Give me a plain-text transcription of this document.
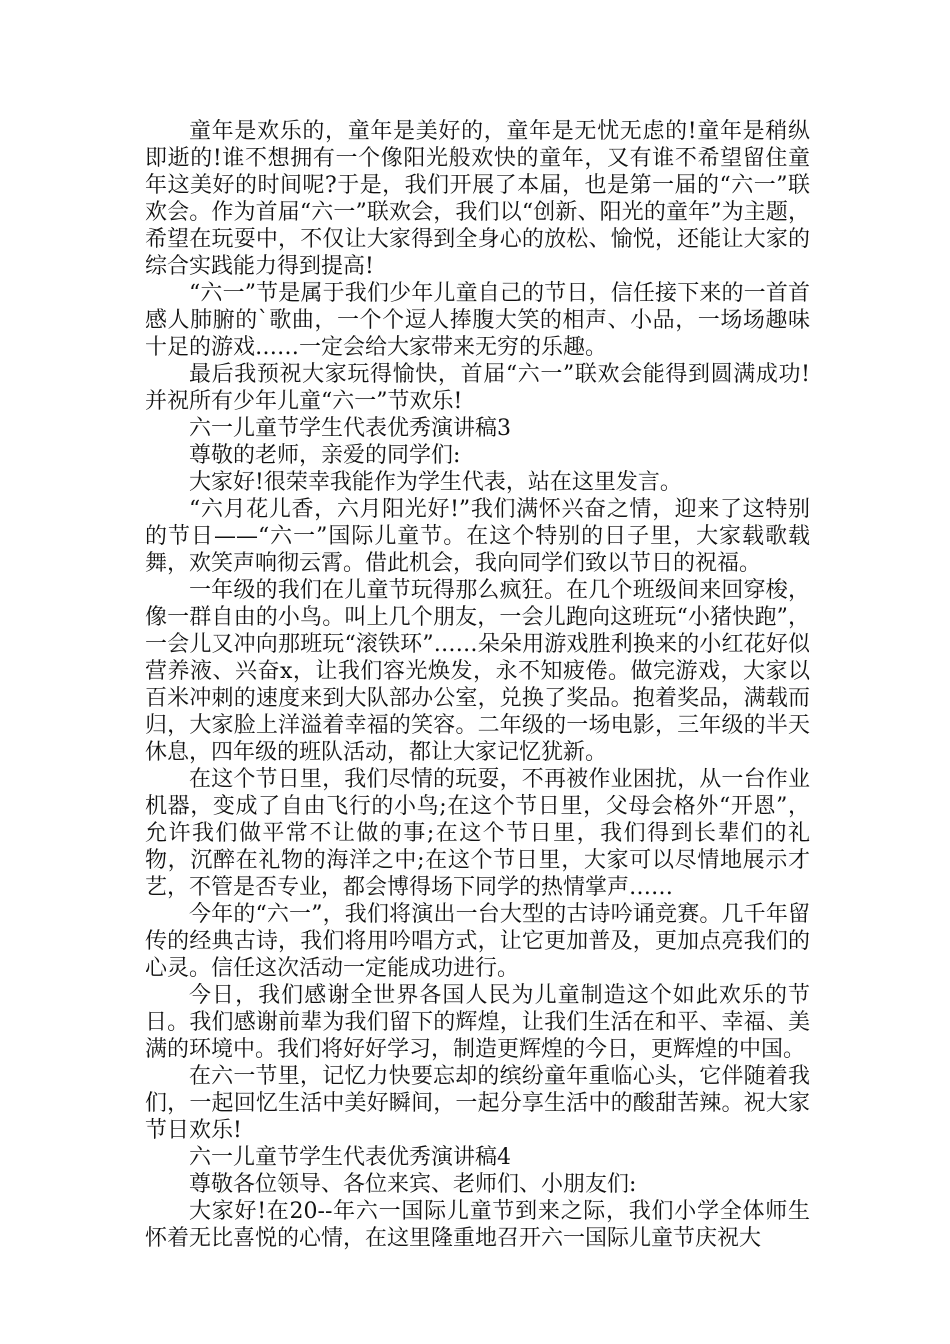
童年是欢乐的，童年是美好的，童年是无忧无虑的!童年是稍纵即逝的!谁不想拥有一个像阳光般欢快的童年，又有谁不希望留住童年这美好的时间呢?于是，我们开展了本届，也是第一届的“六一”联欢会。作为首届“六一”联欢会，我们以“创新、阳光的童年”为主题，希望在玩耍中，不仅让大家得到全身心的放松、愉悦，还能让大家的综合实践能力得到提高!

“六一”节是属于我们少年儿童自己的节日，信任接下来的一首首感人肺腑的`歌曲，一个个逗人捧腹大笑的相声、小品，一场场趣味十足的游戏……一定会给大家带来无穷的乐趣。

最后我预祝大家玩得愉快，首届“六一”联欢会能得到圆满成功!并祝所有少年儿童“六一”节欢乐!

六一儿童节学生代表优秀演讲稿3

尊敬的老师，亲爱的同学们:

大家好!很荣幸我能作为学生代表，站在这里发言。

“六月花儿香，六月阳光好!”我们满怀兴奋之情，迎来了这特别的节日——“六一”国际儿童节。在这个特别的日子里，大家载歌载舞，欢笑声响彻云霄。借此机会，我向同学们致以节日的祝福。

一年级的我们在儿童节玩得那么疯狂。在几个班级间来回穿梭，像一群自由的小鸟。叫上几个朋友，一会儿跑向这班玩“小猪快跑”，一会儿又冲向那班玩“滚铁环”……朵朵用游戏胜利换来的小红花好似营养液、兴奋x，让我们容光焕发，永不知疲倦。做完游戏，大家以百米冲刺的速度来到大队部办公室，兑换了奖品。抱着奖品，满载而归，大家脸上洋溢着幸福的笑容。二年级的一场电影，三年级的半天休息，四年级的班队活动，都让大家记忆犹新。

在这个节日里，我们尽情的玩耍，不再被作业困扰，从一台作业机器，变成了自由飞行的小鸟;在这个节日里，父母会格外“开恩”，允许我们做平常不让做的事;在这个节日里，我们得到长辈们的礼物，沉醉在礼物的海洋之中;在这个节日里，大家可以尽情地展示才艺，不管是否专业，都会博得场下同学的热情掌声……

今年的“六一”，我们将演出一台大型的古诗吟诵竞赛。几千年留传的经典古诗，我们将用吟唱方式，让它更加普及，更加点亮我们的心灵。信任这次活动一定能成功进行。

今日，我们感谢全世界各国人民为儿童制造这个如此欢乐的节日。我们感谢前辈为我们留下的辉煌，让我们生活在和平、幸福、美满的环境中。我们将好好学习，制造更辉煌的今日，更辉煌的中国。

在六一节里，记忆力快要忘却的缤纷童年重临心头，它伴随着我们，一起回忆生活中美好瞬间，一起分享生活中的酸甜苦辣。祝大家节日欢乐!

六一儿童节学生代表优秀演讲稿4

尊敬各位领导、各位来宾、老师们、小朋友们:

大家好!在20--年六一国际儿童节到来之际，我们小学全体师生怀着无比喜悦的心情，在这里隆重地召开六一国际儿童节庆祝大
